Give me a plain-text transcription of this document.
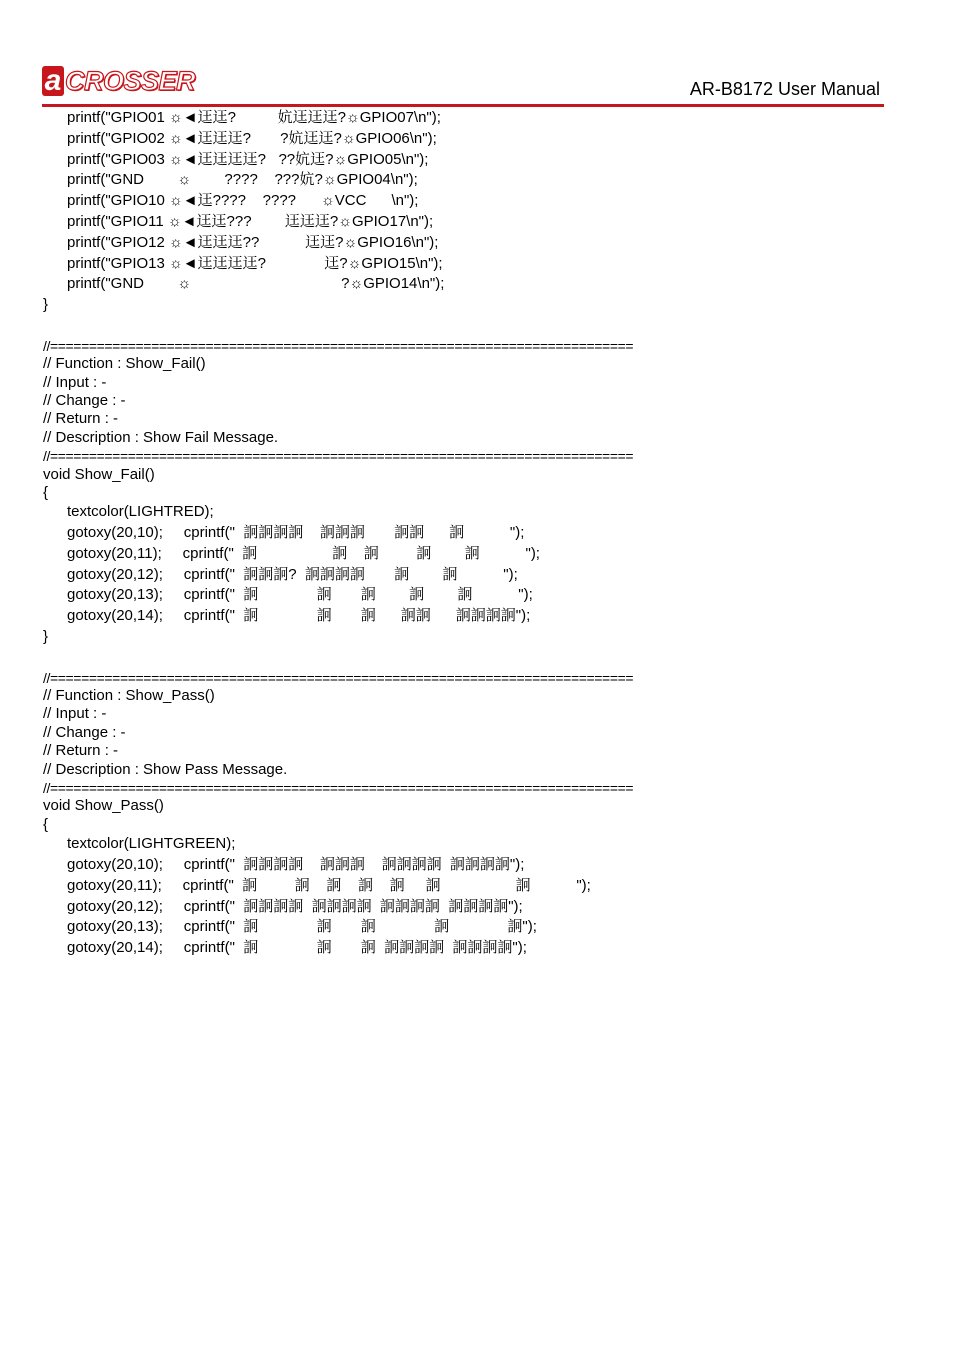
a CROSSER	AR-B8172 User Manual
printf("GPIO01 ☼◄迋迋?          妔迋迋迋?☼GPIO07\n");
printf("GPIO02 ☼◄迋迋迋?       ?妔迋迋?☼GPIO06\n");
printf("GPIO03 ☼◄迋迋迋迋?   ??妔迋?☼GPIO05\n");
printf("GND        ☼        ????    ???妔?☼GPIO04\n");
printf("GPIO10 ☼◄迋????    ????      ☼VCC      \n");
printf("GPIO11 ☼◄迋迋???        迋迋迋?☼GPIO17\n");
printf("GPIO12 ☼◄迋迋迋??           迋迋?☼GPIO16\n");
printf("GPIO13 ☼◄迋迋迋迋?              迋?☼GPIO15\n");
printf("GND        ☼                                    ?☼GPIO14\n");
}
//===========================================================================
// Function : Show_Fail()
// Input : -
// Change : -
// Return : -
// Description : Show Fail Message.
//===========================================================================
void Show_Fail()
{
textcolor(LIGHTRED);
gotoxy(20,10);     cprintf("  詗詗詗詗    詗詗詗       詗詗      詗           ");
gotoxy(20,11);     cprintf("  詗                  詗    詗         詗        詗           ");
gotoxy(20,12);     cprintf("  詗詗詗?  詗詗詗詗       詗        詗           ");
gotoxy(20,13);     cprintf("  詗              詗       詗        詗        詗           ");
gotoxy(20,14);     cprintf("  詗              詗       詗      詗詗      詗詗詗詗");
}
//===========================================================================
// Function : Show_Pass()
// Input : -
// Change : -
// Return : -
// Description : Show Pass Message.
//===========================================================================
void Show_Pass()
{
textcolor(LIGHTGREEN);
gotoxy(20,10);     cprintf("  詗詗詗詗    詗詗詗    詗詗詗詗  詗詗詗詗");
gotoxy(20,11);     cprintf("  詗         詗    詗    詗    詗     詗                  詗           ");
gotoxy(20,12);     cprintf("  詗詗詗詗  詗詗詗詗  詗詗詗詗  詗詗詗詗");
gotoxy(20,13);     cprintf("  詗              詗       詗              詗              詗");
gotoxy(20,14);     cprintf("  詗              詗       詗  詗詗詗詗  詗詗詗詗");
